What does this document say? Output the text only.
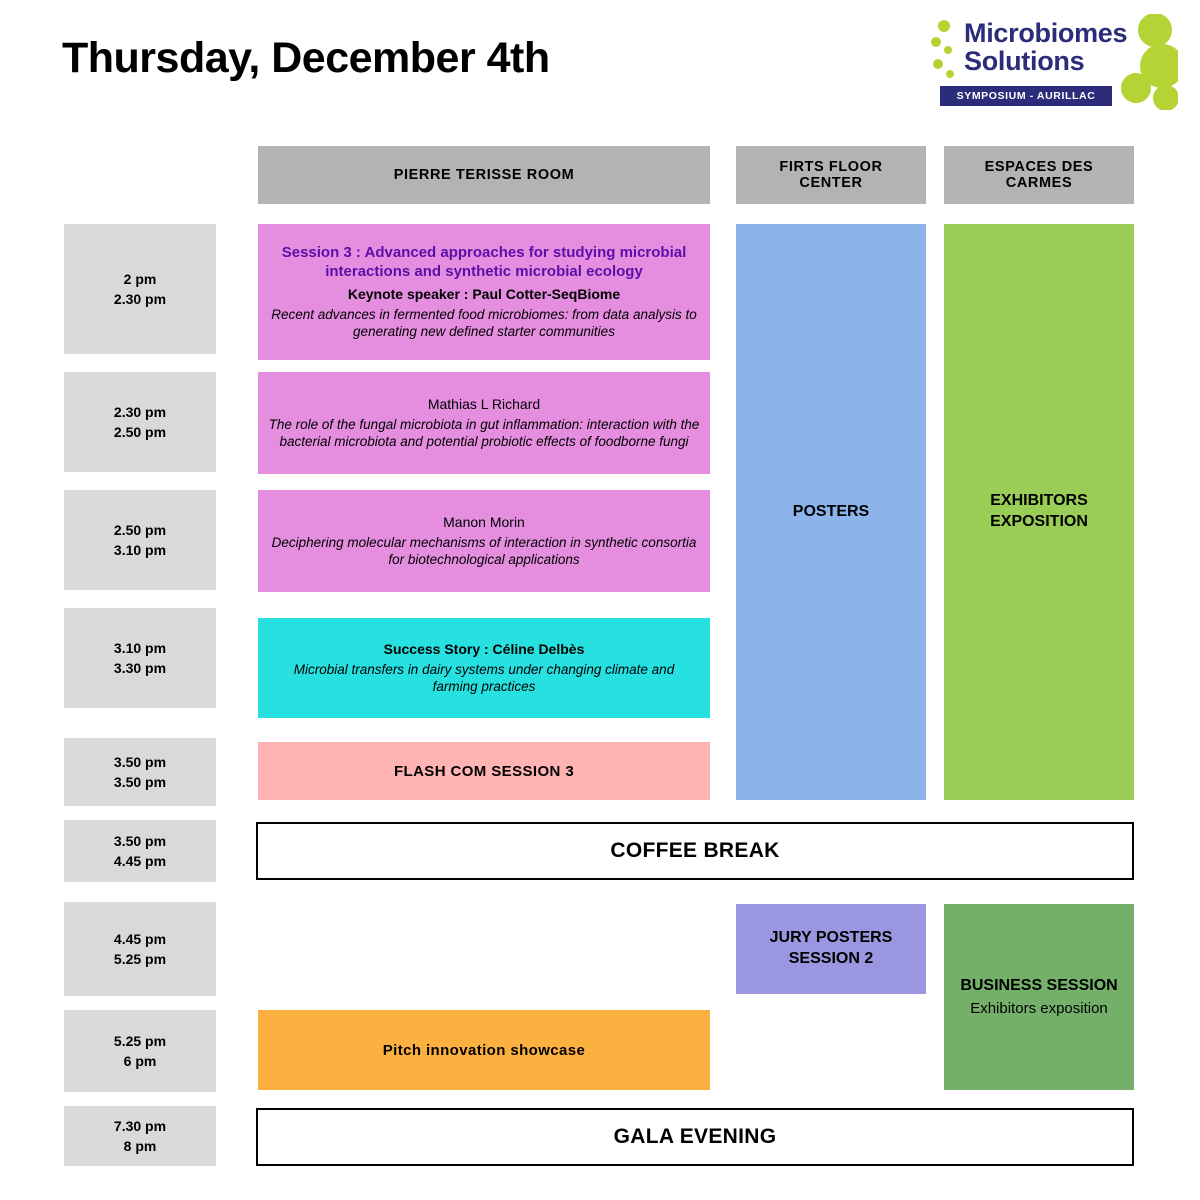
Thursday, December 4th
Microbiomes
Solutions
SYMPOSIUM - AURILLAC
PIERRE TERISSE ROOM	FIRTS FLOOR CENTER
ESPACES DES CARMES
2 pm
2.30 pm
2.30 pm
2.50 pm
2.50 pm
3.10 pm
3.10 pm
3.30 pm
3.50 pm
3.50 pm
3.50 pm
4.45 pm
4.45 pm
5.25 pm
5.25 pm
6 pm
7.30 pm
8 pm
Session 3 : Advanced approaches for studying microbial interactions and synthetic microbial ecology
Keynote speaker : Paul Cotter-SeqBiome
Recent advances in fermented food microbiomes: from data analysis to generating new defined starter communities
Mathias L Richard
The role of the fungal microbiota in gut inflammation: interaction with the bacterial microbiota and potential probiotic effects of foodborne fungi
Manon Morin
Deciphering molecular mechanisms of interaction in synthetic consortia for biotechnological applications
Success Story : Céline Delbès
Microbial transfers in dairy systems under changing climate and farming practices
FLASH COM SESSION 3
Pitch innovation showcase
COFFEE BREAK
GALA EVENING
POSTERS
JURY POSTERS
SESSION 2
EXHIBITORS
EXPOSITION
BUSINESS SESSION
Exhibitors exposition
